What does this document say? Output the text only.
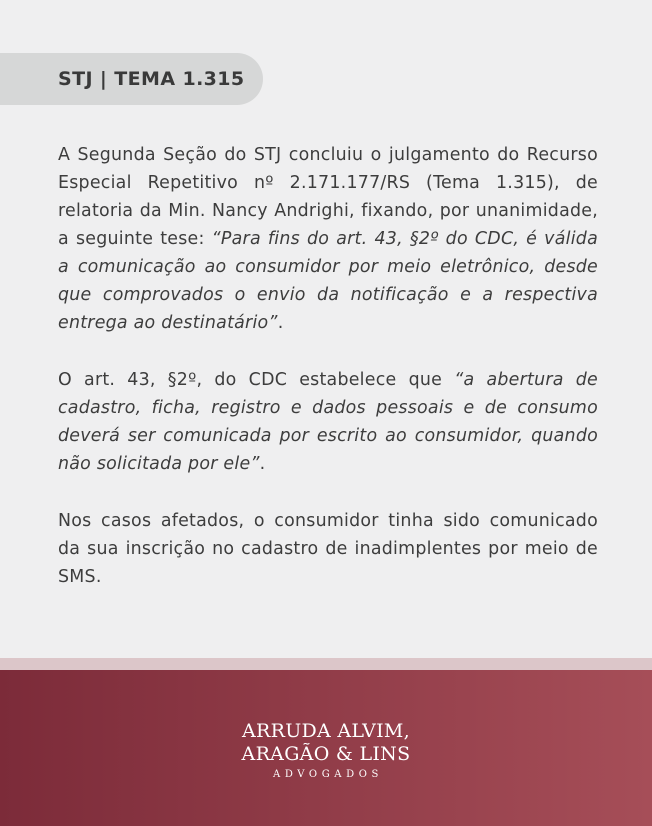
STJ | TEMA 1.315

A Segunda Seção do STJ concluiu o julgamento do Recurso Especial Repetitivo nº 2.171.177/RS (Tema 1.315), de relatoria da Min. Nancy Andrighi, fixando, por unanimidade, a seguinte tese: “Para fins do art. 43, §2º do CDC, é válida a comunicação ao consumidor por meio eletrônico, desde que comprovados o envio da notificação e a respectiva entrega ao destinatário”.

O art. 43, §2º, do CDC estabelece que “a abertura de cadastro, ficha, registro e dados pessoais e de consumo deverá ser comunicada por escrito ao consumidor, quando não solicitada por ele”.

Nos casos afetados, o consumidor tinha sido comunicado da sua inscrição no cadastro de inadimplentes por meio de SMS.

ARRUDA ALVIM,
ARAGÃO & LINS
ADVOGADOS
